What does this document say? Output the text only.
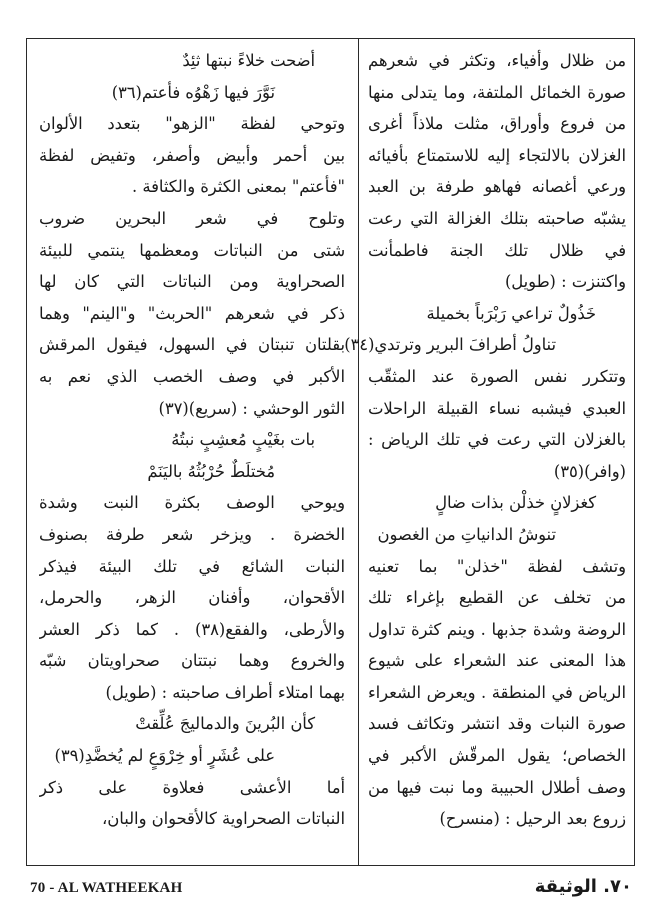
من ظلال وأفياء، وتكثر في شعرهم
صورة الخمائل الملتفة، وما يتدلى منها
من فروع وأوراق، مثلت ملاذاً أغرى
الغزلان بالالتجاء إليه للاستمتاع بأفيائه
ورعي أغصانه فهاهو طرفة بن العبد
يشبّه صاحبته بتلك الغزالة التي رعت
في ظلال تلك الجنة فاطمأنت
واكتنزت : (طويل)
خَذُولٌ تراعي رَبْرَباً بخميلة
تناولُ أطرافَ البرير وترتدي(٣٤)
وتتكرر نفس الصورة عند المثقّب
العبدي فيشبه نساء القبيلة الراحلات
بالغزلان التي رعت في تلك الرياض :
(وافر)(٣٥)
كغزلانٍ خذلْن بذات ضالٍ
تنوشُ الدانياتِ من الغصون
وتشف لفظة "خذلن" بما تعنيه
من تخلف عن القطيع بإغراء تلك
الروضة وشدة جذبها . وينم كثرة تداول
هذا المعنى عند الشعراء على شيوع
الرياض في المنطقة . ويعرض الشعراء
صورة النبات وقد انتشر وتكاثف فسد
الخصاص؛ يقول المرقّش الأكبر في
وصف أطلال الحبيبة وما نبت فيها من
زروع بعد الرحيل : (منسرح)
أضحت خلاءً نبتها ثئِدٌ
نَوَّرَ فيها زَهْوُه فأعتم(٣٦)
وتوحي لفظة "الزهو" بتعدد الألوان
بين أحمر وأبيض وأصفر، وتفيض لفظة
"فأعتم" بمعنى الكثرة والكثافة .
وتلوح في شعر البحرين ضروب
شتى من النباتات ومعظمها ينتمي للبيئة
الصحراوية ومن النباتات التي كان لها
ذكر في شعرهم "الحربث" و"الينم" وهما
بقلتان تنبتان في السهول، فيقول المرقش
الأكبر في وصف الخصب الذي نعم به
الثور الوحشي : (سريع)(٣٧)
بات بغَيْبٍ مُعشِبٍ نبتُهُ
مُختلَطٌ حُرْبُثُهُ باليَنَمْ
ويوحي الوصف بكثرة النبت وشدة
الخضرة . ويزخر شعر طرفة بصنوف
النبات الشائع في تلك البيئة فيذكر
الأقحوان، وأفنان الزهر، والحرمل،
والأرطى، والفقع(٣٨) . كما ذكر العشر
والخروع وهما نبتتان صحراويتان شبّه
بهما امتلاء أطراف صاحبته : (طويل)
كأن البُرينَ والدماليجَ عُلِّقتْ
على عُشَرٍ أو خِرْوَعٍ لم يُخضَّدِ(٣٩)
أما الأعشى فعلاوة على ذكر
النباتات الصحراوية كالأقحوان والبان،
70 - AL WATHEEKAH	٧٠. الوثيقة
